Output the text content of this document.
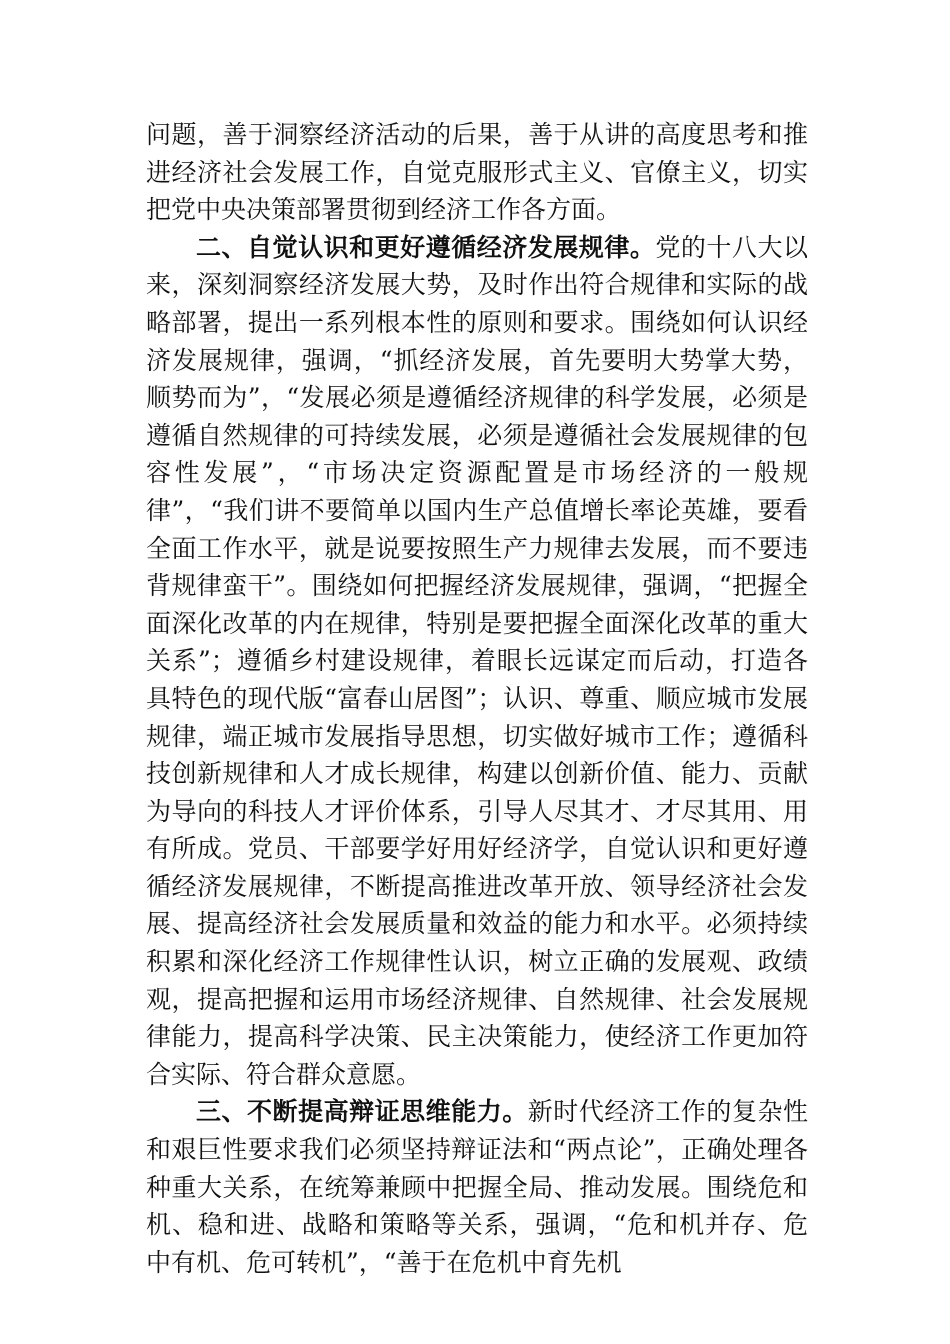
问题，善于洞察经济活动的后果，善于从讲的高度思考和推进经济社会发展工作，自觉克服形式主义、官僚主义，切实把党中央决策部署贯彻到经济工作各方面。

二、自觉认识和更好遵循经济发展规律。党的十八大以来，深刻洞察经济发展大势，及时作出符合规律和实际的战略部署，提出一系列根本性的原则和要求。围绕如何认识经济发展规律，强调，“抓经济发展，首先要明大势掌大势，顺势而为”，“发展必须是遵循经济规律的科学发展，必须是遵循自然规律的可持续发展，必须是遵循社会发展规律的包容性发展”，“市场决定资源配置是市场经济的一般规律”，“我们讲不要简单以国内生产总值增长率论英雄，要看全面工作水平，就是说要按照生产力规律去发展，而不要违背规律蛮干”。围绕如何把握经济发展规律，强调，“把握全面深化改革的内在规律，特别是要把握全面深化改革的重大关系”；遵循乡村建设规律，着眼长远谋定而后动，打造各具特色的现代版“富春山居图”；认识、尊重、顺应城市发展规律，端正城市发展指导思想，切实做好城市工作；遵循科技创新规律和人才成长规律，构建以创新价值、能力、贡献为导向的科技人才评价体系，引导人尽其才、才尽其用、用有所成。党员、干部要学好用好经济学，自觉认识和更好遵循经济发展规律，不断提高推进改革开放、领导经济社会发展、提高经济社会发展质量和效益的能力和水平。必须持续积累和深化经济工作规律性认识，树立正确的发展观、政绩观，提高把握和运用市场经济规律、自然规律、社会发展规律能力，提高科学决策、民主决策能力，使经济工作更加符合实际、符合群众意愿。

三、不断提高辩证思维能力。新时代经济工作的复杂性和艰巨性要求我们必须坚持辩证法和“两点论”，正确处理各种重大关系，在统筹兼顾中把握全局、推动发展。围绕危和机、稳和进、战略和策略等关系，强调，“危和机并存、危中有机、危可转机”，“善于在危机中育先机
